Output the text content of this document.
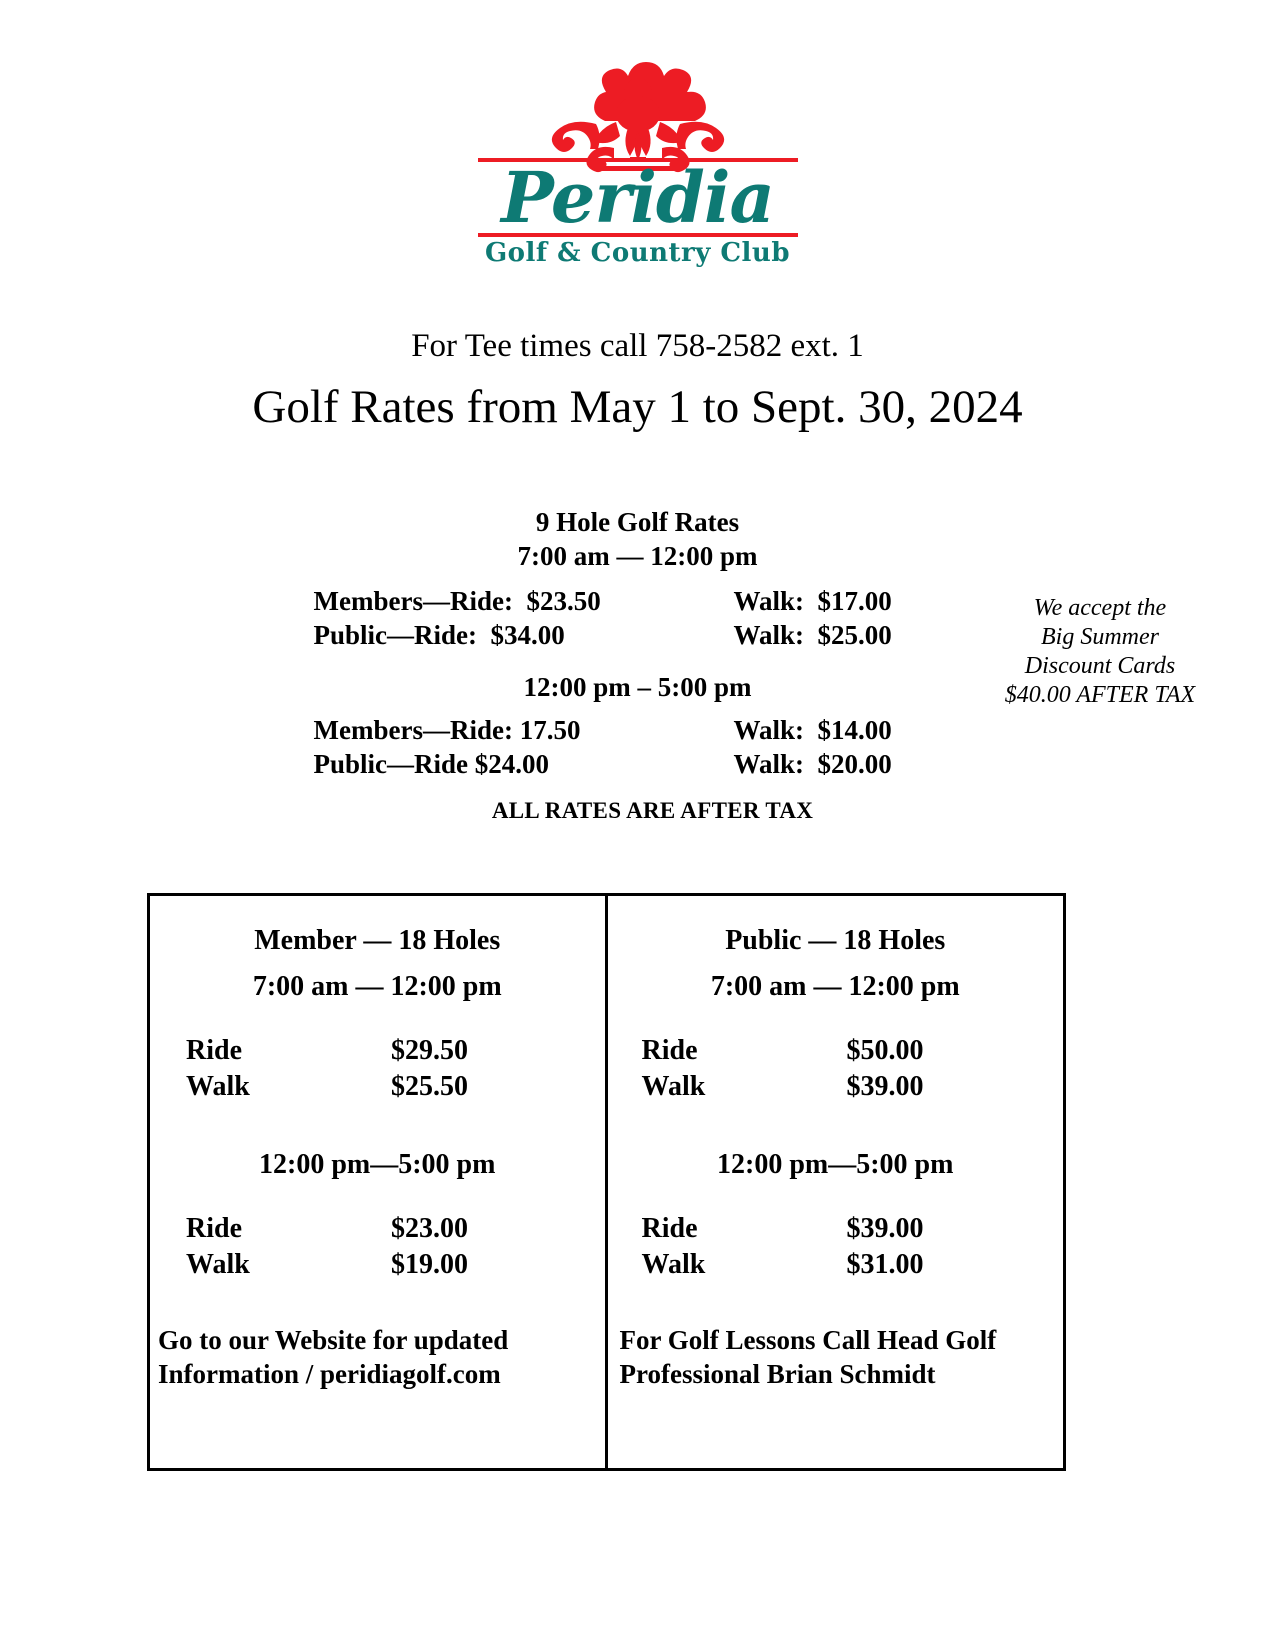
Peridia
Golf & Country Club
For Tee times call 758-2582 ext. 1
Golf Rates from May 1 to Sept. 30, 2024
9 Hole Golf Rates
7:00 am — 12:00 pm
Members—Ride:  $23.50	Walk:  $17.00
Public—Ride:  $34.00	Walk:  $25.00
12:00 pm – 5:00 pm
Members—Ride: 17.50	Walk:  $14.00
Public—Ride $24.00	Walk:  $20.00
ALL RATES ARE AFTER TAX
We accept the
Big Summer
Discount Cards
$40.00 AFTER TAX
Member — 18 Holes
7:00 am — 12:00 pm
Ride	$29.50
Walk	$25.50
12:00 pm—5:00 pm
Ride	$23.00
Walk	$19.00
Go to our Website for updated
Information / peridiagolf.com
Public — 18 Holes
7:00 am — 12:00 pm
Ride	$50.00
Walk	$39.00
12:00 pm—5:00 pm
Ride	$39.00
Walk	$31.00
For Golf Lessons Call Head Golf
Professional Brian Schmidt
